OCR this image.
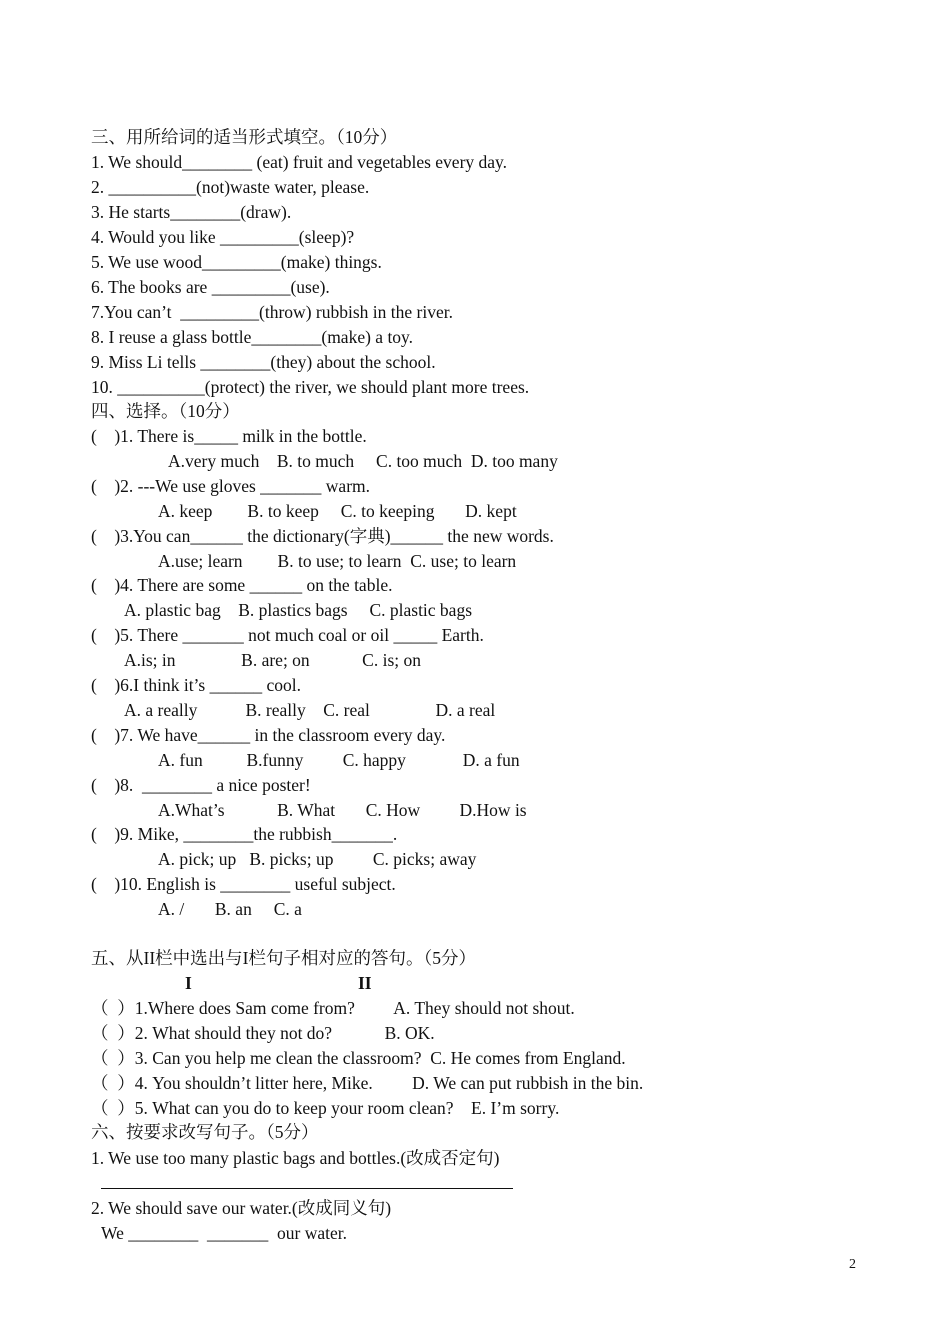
三、用所给词的适当形式填空。（10分）

1. We should________ (eat) fruit and vegetables every day.

2. __________(not)waste water, please.

3. He starts________(draw).

4. Would you like _________(sleep)?

5. We use wood_________(make) things.

6. The books are _________(use).

7.You can’t  _________(throw) rubbish in the river.

8. I reuse a glass bottle________(make) a toy.

9. Miss Li tells ________(they) about the school.

10. __________(protect) the river, we should plant more trees.

四、选择。（10分）

(    )1. There is_____ milk in the bottle.

A.very much    B. to much     C. too much  D. too many

(    )2. ---We use gloves _______ warm.

A. keep        B. to keep     C. to keeping       D. kept

(    )3.You can______ the dictionary(字典)______ the new words.

A.use; learn        B. to use; to learn  C. use; to learn

(    )4. There are some ______ on the table.

A. plastic bag    B. plastics bags     C. plastic bags

(    )5. There _______ not much coal or oil _____ Earth.

A.is; in               B. are; on            C. is; on

(    )6.I think it’s ______ cool.

A. a really           B. really    C. real               D. a real

(    )7. We have______ in the classroom every day.

A. fun          B.funny         C. happy             D. a fun

(    )8.  ________ a nice poster!

A.What’s            B. What       C. How         D.How is

(    )9. Mike, ________the rubbish_______.

A. pick; up   B. picks; up         C. picks; away

(    )10. English is ________ useful subject.

A. /       B. an     C. a

五、从II栏中选出与I栏句子相对应的答句。（5分）

I	II

（  ）1.Where does Sam come from?         A. They should not shout.

（  ）2. What should they not do?            B. OK.

（  ）3. Can you help me clean the classroom?  C. He comes from England.

（  ）4. You shouldn’t litter here, Mike.         D. We can put rubbish in the bin.

（  ）5. What can you do to keep your room clean?    E. I’m sorry.

六、按要求改写句子。（5分）

1. We use too many plastic bags and bottles.(改成否定句)

2. We should save our water.(改成同义句)

We ________  _______  our water.

2
